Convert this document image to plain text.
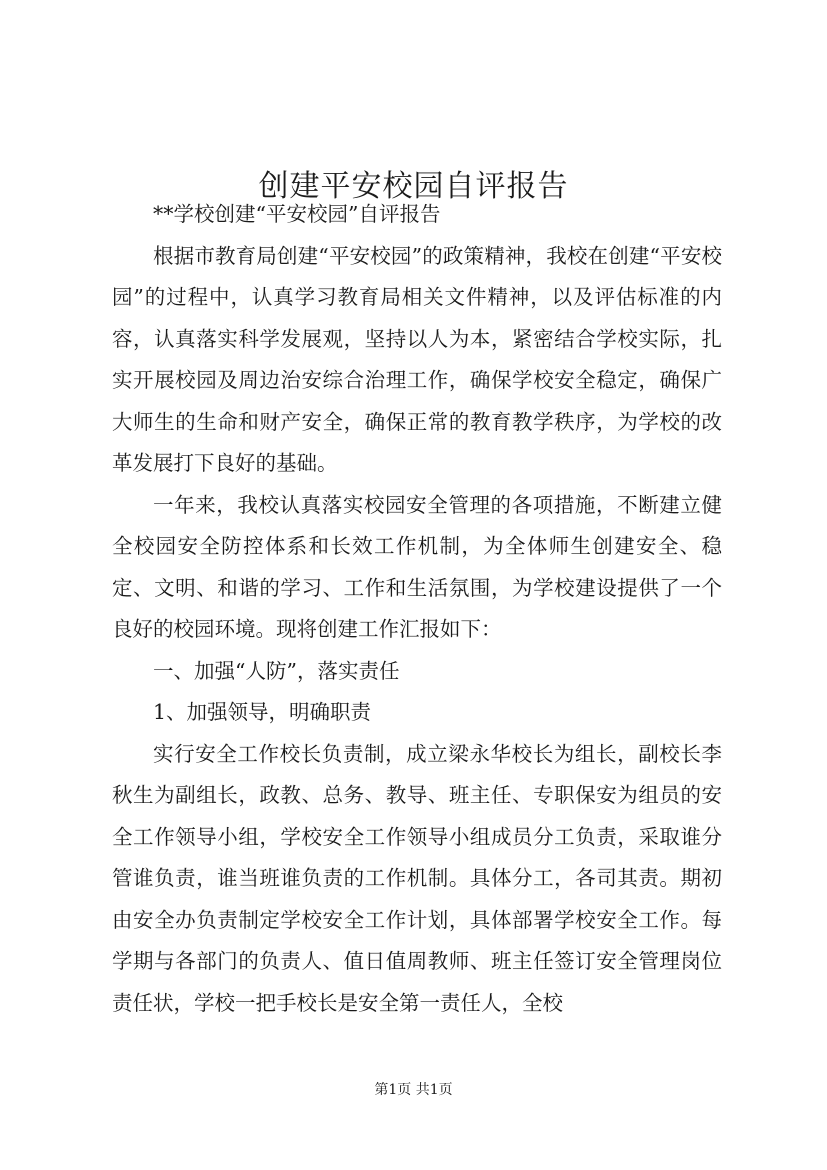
创建平安校园自评报告

**学校创建“平安校园”自评报告

根据市教育局创建“平安校园”的政策精神，我校在创建“平安校园”的过程中，认真学习教育局相关文件精神，以及评估标准的内容，认真落实科学发展观，坚持以人为本，紧密结合学校实际，扎实开展校园及周边治安综合治理工作，确保学校安全稳定，确保广大师生的生命和财产安全，确保正常的教育教学秩序，为学校的改革发展打下良好的基础。

一年来，我校认真落实校园安全管理的各项措施，不断建立健全校园安全防控体系和长效工作机制，为全体师生创建安全、稳定、文明、和谐的学习、工作和生活氛围，为学校建设提供了一个良好的校园环境。现将创建工作汇报如下：

一、加强“人防”，落实责任

1、加强领导，明确职责

实行安全工作校长负责制，成立梁永华校长为组长，副校长李秋生为副组长，政教、总务、教导、班主任、专职保安为组员的安全工作领导小组，学校安全工作领导小组成员分工负责，采取谁分管谁负责，谁当班谁负责的工作机制。具体分工，各司其责。期初由安全办负责制定学校安全工作计划，具体部署学校安全工作。每学期与各部门的负责人、值日值周教师、班主任签订安全管理岗位责任状，学校一把手校长是安全第一责任人，全校

第1页 共1页
